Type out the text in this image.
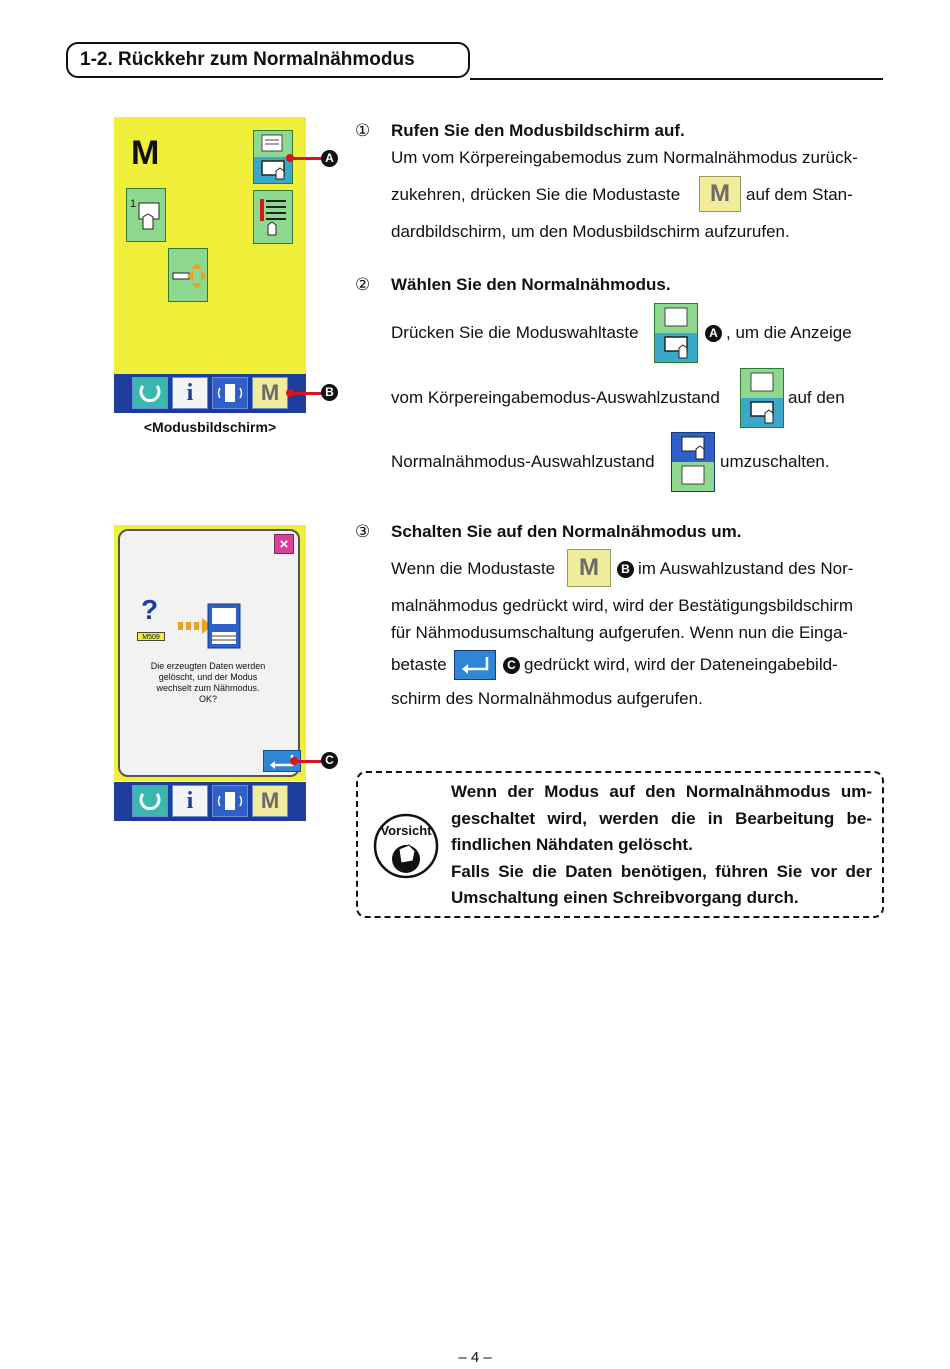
1-2. Rückkehr zum Normalnähmodus
M
1
i	M
A
B
<Modusbildschirm>
×
?
M509
Die erzeugten Daten werden
gelöscht, und der Modus
wechselt zum Nähmodus.
OK?
C
i	M
① Rufen Sie den Modusbildschirm auf.
Um vom Körpereingabemodus zum Normalnähmodus zurück-
zukehren, drücken Sie die Modustaste	M auf dem Stan-
dardbildschirm, um den Modusbildschirm aufzurufen.
② Wählen Sie den Normalnähmodus.
Drücken Sie die Moduswahltaste	A , um die Anzeige
vom Körpereingabemodus-Auswahlzustand	auf den
Normalnähmodus-Auswahlzustand	umzuschalten.
③ Schalten Sie auf den Normalnähmodus um.
Wenn die Modustaste M	B im Auswahlzustand des Nor-
malnähmodus gedrückt wird, wird der Bestätigungsbildschirm
für Nähmodusumschaltung aufgerufen. Wenn nun die Einga-
betaste	C gedrückt wird, wird der Dateneingabebild-
schirm des Normalnähmodus aufgerufen.
Vorsicht
Wenn der Modus auf den Normalnähmodus um-
geschaltet wird, werden die in Bearbeitung be-
findlichen Nähdaten gelöscht.
Falls Sie die Daten benötigen, führen Sie vor der
Umschaltung einen Schreibvorgang durch.
– 4 –
